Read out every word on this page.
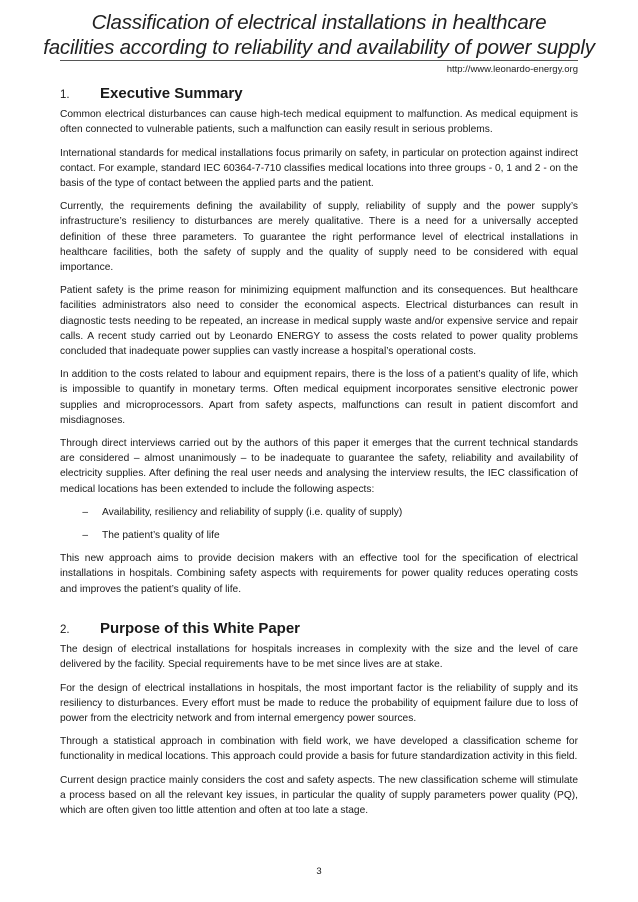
Classification of electrical installations in healthcare
facilities according to reliability and availability of power supply
http://www.leonardo-energy.org
1.	Executive Summary

Common electrical disturbances can cause high-tech medical equipment to malfunction. As medical equipment is often connected to vulnerable patients, such a malfunction can easily result in serious problems.

International standards for medical installations focus primarily on safety, in particular on protection against indirect contact. For example, standard IEC 60364-7-710 classifies medical locations into three groups - 0, 1 and 2 - on the basis of the type of contact between the applied parts and the patient.

Currently, the requirements defining the availability of supply, reliability of supply and the power supply’s infrastructure’s resiliency to disturbances are merely qualitative. There is a need for a universally accepted definition of these three parameters. To guarantee the right performance level of electrical installations in healthcare facilities, both the safety of supply and the quality of supply need to be considered with equal importance.

Patient safety is the prime reason for minimizing equipment malfunction and its consequences. But healthcare facilities administrators also need to consider the economical aspects. Electrical disturbances can result in diagnostic tests needing to be repeated, an increase in medical supply waste and/or expensive service and repair calls. A recent study carried out by Leonardo ENERGY to assess the costs related to power quality problems concluded that inadequate power supplies can vastly increase a hospital’s operational costs.

In addition to the costs related to labour and equipment repairs, there is the loss of a patient’s quality of life, which is impossible to quantify in monetary terms. Often medical equipment incorporates sensitive electronic power supplies and microprocessors. Apart from safety aspects, malfunctions can result in patient discomfort and misdiagnoses.

Through direct interviews carried out by the authors of this paper it emerges that the current technical standards are considered – almost unanimously – to be inadequate to guarantee the safety, reliability and availability of electricity supplies. After defining the real user needs and analysing the interview results, the IEC classification of medical locations has been extended to include the following aspects:

–	Availability, resiliency and reliability of supply (i.e. quality of supply)
–	The patient’s quality of life

This new approach aims to provide decision makers with an effective tool for the specification of electrical installations in hospitals. Combining safety aspects with requirements for power quality reduces operating costs and improves the patient’s quality of life.

2.	Purpose of this White Paper

The design of electrical installations for hospitals increases in complexity with the size and the level of care delivered by the facility. Special requirements have to be met since lives are at stake.

For the design of electrical installations in hospitals, the most important factor is the reliability of supply and its resiliency to disturbances. Every effort must be made to reduce the probability of equipment failure due to loss of power from the electricity network and from internal emergency power sources.

Through a statistical approach in combination with field work, we have developed a classification scheme for functionality in medical locations. This approach could provide a basis for future standardization activity in this field.

Current design practice mainly considers the cost and safety aspects. The new classification scheme will stimulate a process based on all the relevant key issues, in particular the quality of supply parameters power quality (PQ), which are often given too little attention and often at too late a stage.

3
